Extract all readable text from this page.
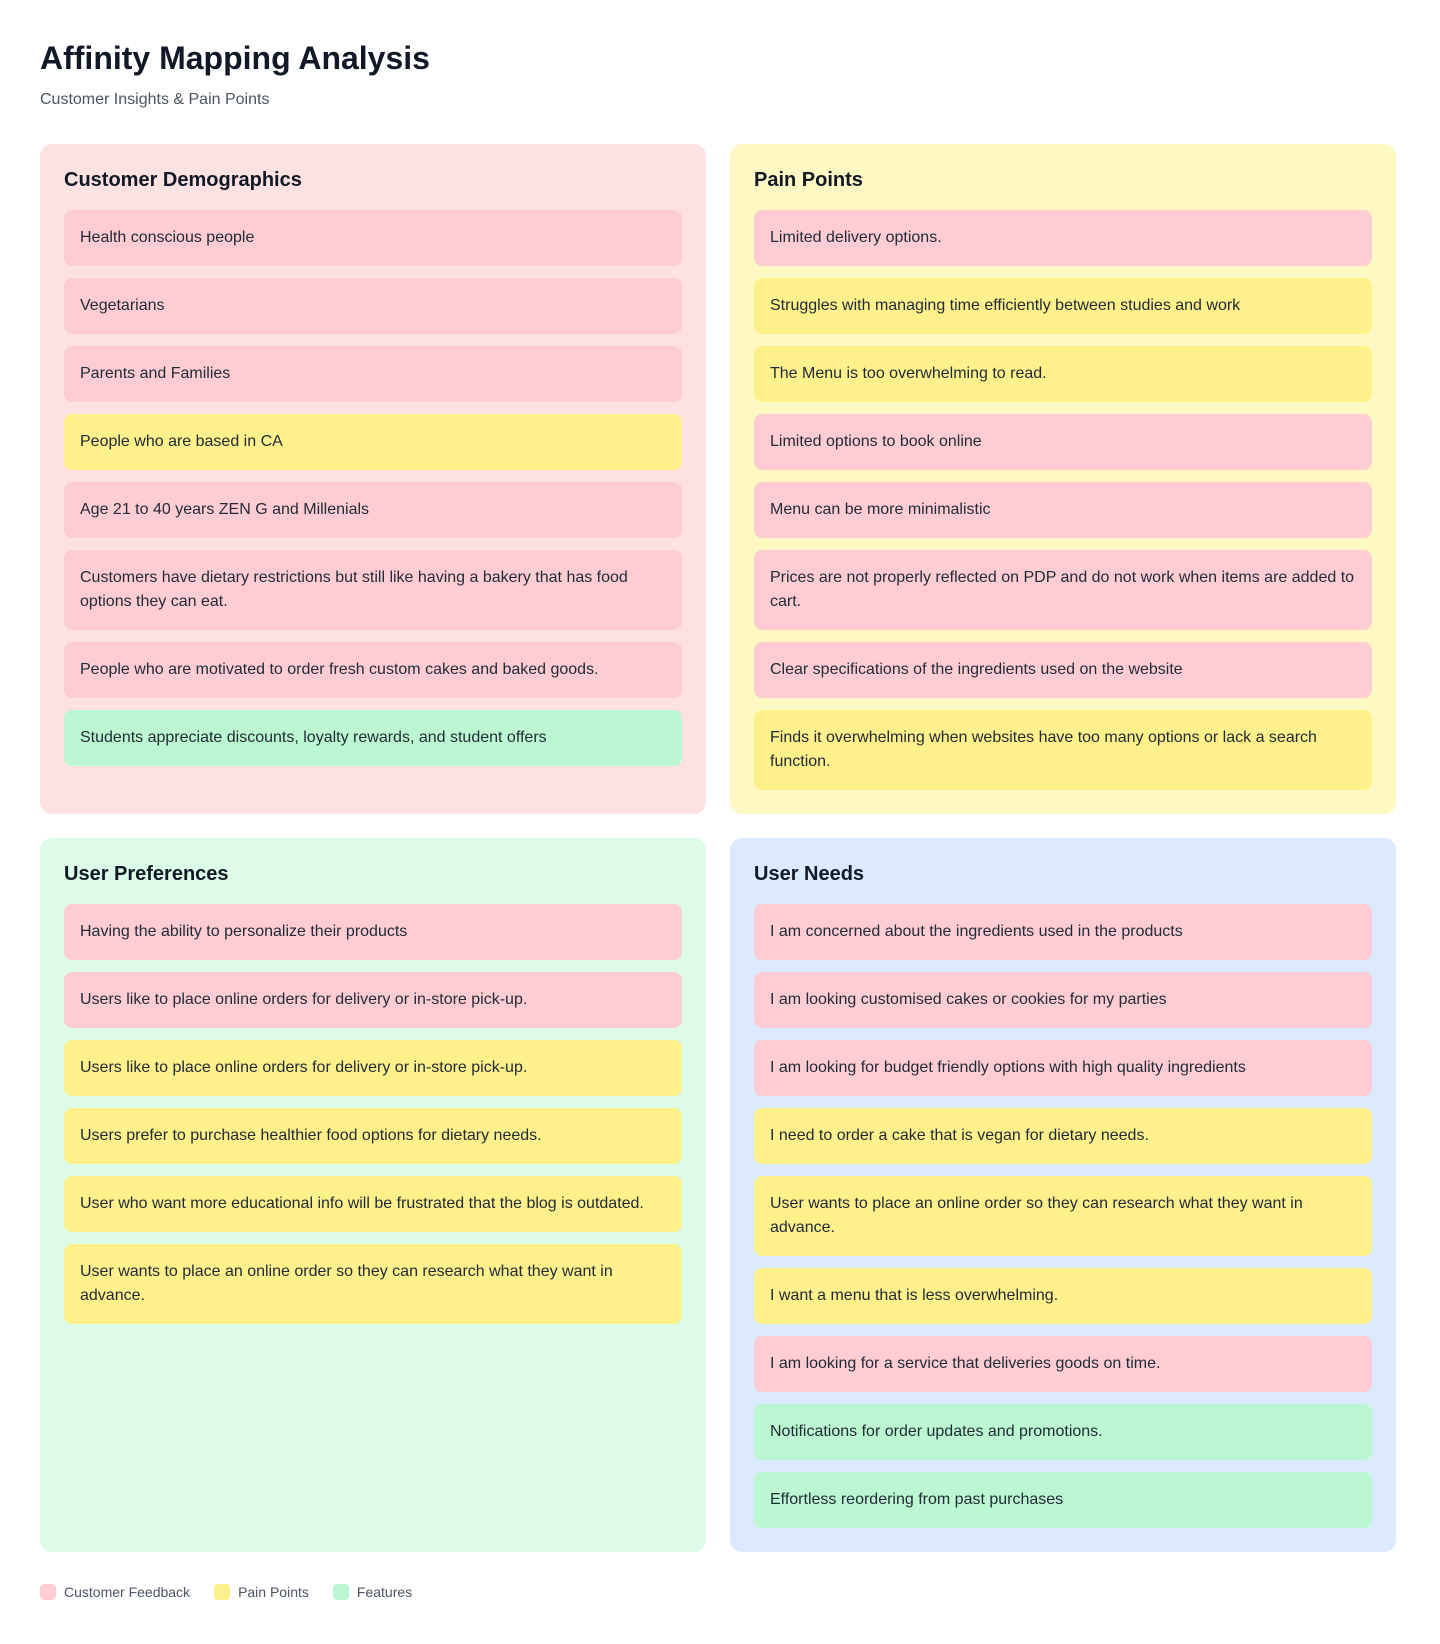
Affinity Mapping Analysis

Customer Insights & Pain Points

Customer Demographics
Health conscious people
Vegetarians
Parents and Families
People who are based in CA
Age 21 to 40 years ZEN G and Millenials
Customers have dietary restrictions but still like having a bakery that has food options they can eat.
People who are motivated to order fresh custom cakes and baked goods.
Students appreciate discounts, loyalty rewards, and student offers
Pain Points
Limited delivery options.
Struggles with managing time efficiently between studies and work
The Menu is too overwhelming to read.
Limited options to book online
Menu can be more minimalistic
Prices are not properly reflected on PDP and do not work when items are added to cart.
Clear specifications of the ingredients used on the website
Finds it overwhelming when websites have too many options or lack a search function.
User Preferences
Having the ability to personalize their products
Users like to place online orders for delivery or in-store pick-up.
Users like to place online orders for delivery or in-store pick-up.
Users prefer to purchase healthier food options for dietary needs.
User who want more educational info will be frustrated that the blog is outdated.
User wants to place an online order so they can research what they want in advance.
User Needs
I am concerned about the ingredients used in the products
I am looking customised cakes or cookies for my parties
I am looking for budget friendly options with high quality ingredients
I need to order a cake that is vegan for dietary needs.
User wants to place an online order so they can research what they want in advance.
I want a menu that is less overwhelming.
I am looking for a service that deliveries goods on time.
Notifications for order updates and promotions.
Effortless reordering from past purchases
Customer Feedback	Pain Points	Features
